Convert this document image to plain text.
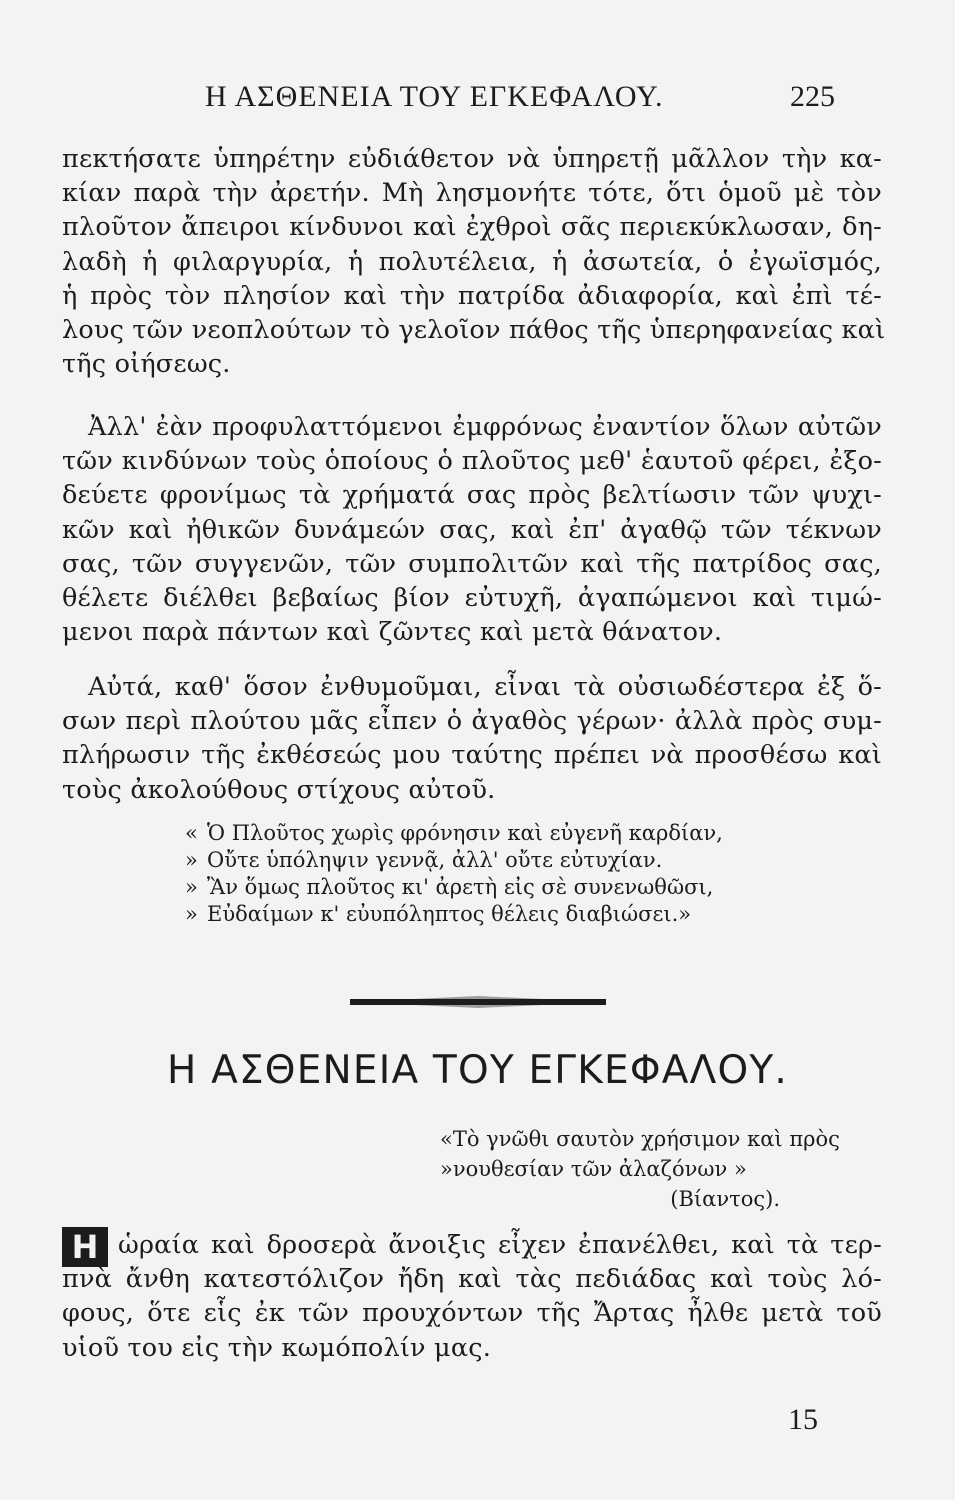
Η ΑΣΘΕΝΕΙΑ ΤΟΥ ΕΓΚΕΦΑΛΟΥ.	225
πεκτήσατε ὑπηρέτην εὐδιάθετον νὰ ὑπηρετῇ μᾶλλον τὴν κα-
κίαν παρὰ τὴν ἀρετήν. Μὴ λησμονήτε τότε, ὅτι ὁμοῦ μὲ τὸν
πλοῦτον ἄπειροι κίνδυνοι καὶ ἐχθροὶ σᾶς περιεκύκλωσαν, δη-
λαδὴ ἡ φιλαργυρία, ἡ πολυτέλεια, ἡ ἀσωτεία, ὁ ἐγωϊσμός,
ἡ πρὸς τὸν πλησίον καὶ τὴν πατρίδα ἀδιαφορία, καὶ ἐπὶ τέ-
λους τῶν νεοπλούτων τὸ γελοῖον πάθος τῆς ὑπερηφανείας καὶ
τῆς οἰήσεως.
Ἀλλ' ἐὰν προφυλαττόμενοι ἐμφρόνως ἐναντίον ὅλων αὐτῶν
τῶν κινδύνων τοὺς ὁποίους ὁ πλοῦτος μεθ' ἑαυτοῦ φέρει, ἐξο-
δεύετε φρονίμως τὰ χρήματά σας πρὸς βελτίωσιν τῶν ψυχι-
κῶν καὶ ἠθικῶν δυνάμεών σας, καὶ ἐπ' ἀγαθῷ τῶν τέκνων
σας, τῶν συγγενῶν, τῶν συμπολιτῶν καὶ τῆς πατρίδος σας,
θέλετε διέλθει βεβαίως βίον εὐτυχῆ, ἀγαπώμενοι καὶ τιμώ-
μενοι παρὰ πάντων καὶ ζῶντες καὶ μετὰ θάνατον.
Αὐτά, καθ' ὅσον ἐνθυμοῦμαι, εἶναι τὰ οὐσιωδέστερα ἐξ ὅ-
σων περὶ πλούτου μᾶς εἶπεν ὁ ἀγαθὸς γέρων· ἀλλὰ πρὸς συμ-
πλήρωσιν τῆς ἐκθέσεώς μου ταύτης πρέπει νὰ προσθέσω καὶ
τοὺς ἀκολούθους στίχους αὐτοῦ.
« Ὁ Πλοῦτος χωρὶς φρόνησιν καὶ εὐγενῆ καρδίαν,
» Οὔτε ὑπόληψιν γεννᾷ, ἀλλ' οὔτε εὐτυχίαν.
» Ἂν ὅμως πλοῦτος κι' ἀρετὴ εἰς σὲ συνενωθῶσι,
» Εὐδαίμων κ' εὐυπόληπτος θέλεις διαβιώσει.»
Η ΑΣΘΕΝΕΙΑ ΤΟΥ ΕΓΚΕΦΑΛΟΥ.
«Τὸ γνῶθι σαυτὸν χρήσιμον καὶ πρὸς
»νουθεσίαν τῶν ἀλαζόνων »
(Βίαντος).
Η ὡραία καὶ δροσερὰ ἄνοιξις εἶχεν ἐπανέλθει, καὶ τὰ τερ-
πνὰ ἄνθη κατεστόλιζον ἤδη καὶ τὰς πεδιάδας καὶ τοὺς λό-
φους, ὅτε εἷς ἐκ τῶν προυχόντων τῆς Ἄρτας ἦλθε μετὰ τοῦ
υἱοῦ του εἰς τὴν κωμόπολίν μας.
15
